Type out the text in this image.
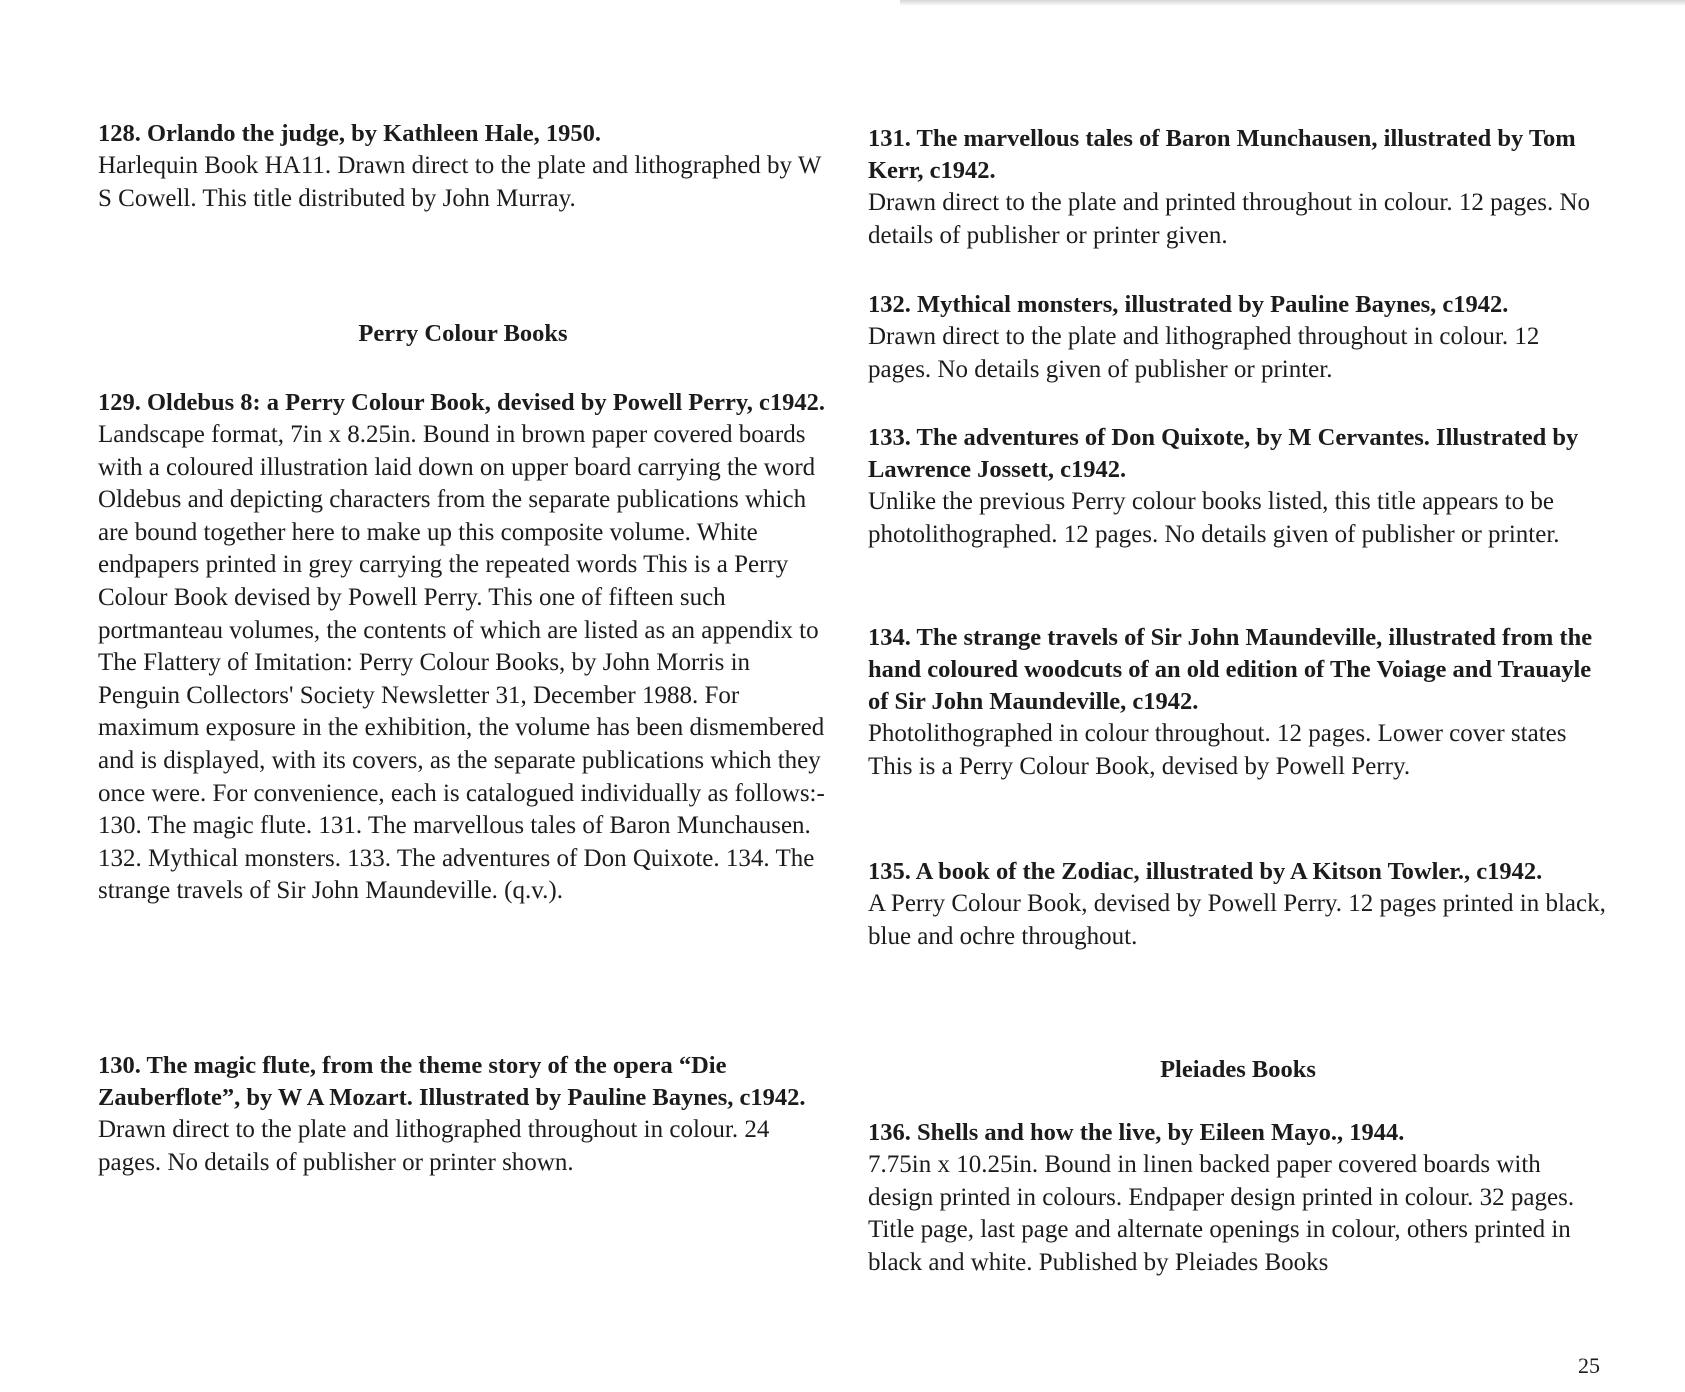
128. Orlando the judge, by Kathleen Hale, 1950.

Harlequin Book HA11. Drawn direct to the plate and lithographed by W S Cowell. This title distributed by John Murray.

Perry Colour Books

129. Oldebus 8: a Perry Colour Book, devised by Powell Perry, c1942.

Landscape format, 7in x 8.25in. Bound in brown paper covered boards with a coloured illustration laid down on upper board carrying the word Oldebus and depicting characters from the separate publications which are bound together here to make up this composite volume. White endpapers printed in grey carrying the repeated words This is a Perry Colour Book devised by Powell Perry. This one of fifteen such portmanteau volumes, the contents of which are listed as an appendix to The Flattery of Imitation: Perry Colour Books, by John Morris in Penguin Collectors' Society Newsletter 31, December 1988. For maximum exposure in the exhibition, the volume has been dismembered and is displayed, with its covers, as the separate publications which they once were. For convenience, each is catalogued individually as follows:- 130. The magic flute. 131. The marvellous tales of Baron Munchausen. 132. Mythical monsters. 133. The adventures of Don Quixote. 134. The strange travels of Sir John Maundeville. (q.v.).

130. The magic flute, from the theme story of the opera “Die Zauberflote”, by W A Mozart. Illustrated by Pauline Baynes, c1942.

Drawn direct to the plate and lithographed throughout in colour. 24 pages. No details of publisher or printer shown.

131. The marvellous tales of Baron Munchausen, illustrated by Tom Kerr, c1942.

Drawn direct to the plate and printed throughout in colour. 12 pages. No details of publisher or printer given.

132. Mythical monsters, illustrated by Pauline Baynes, c1942.

Drawn direct to the plate and lithographed throughout in colour. 12 pages. No details given of publisher or printer.

133. The adventures of Don Quixote, by M Cervantes. Illustrated by Lawrence Jossett, c1942.

Unlike the previous Perry colour books listed, this title appears to be photolithographed. 12 pages. No details given of publisher or printer.

134. The strange travels of Sir John Maundeville, illustrated from the hand coloured woodcuts of an old edition of The Voiage and Trauayle of Sir John Maundeville, c1942.

Photolithographed in colour throughout. 12 pages. Lower cover states This is a Perry Colour Book, devised by Powell Perry.

135. A book of the Zodiac, illustrated by A Kitson Towler., c1942.

A Perry Colour Book, devised by Powell Perry. 12 pages printed in black, blue and ochre throughout.

Pleiades Books

136. Shells and how the live, by Eileen Mayo., 1944.

7.75in x 10.25in. Bound in linen backed paper covered boards with design printed in colours. Endpaper design printed in colour. 32 pages. Title page, last page and alternate openings in colour, others printed in black and white. Published by Pleiades Books

25
